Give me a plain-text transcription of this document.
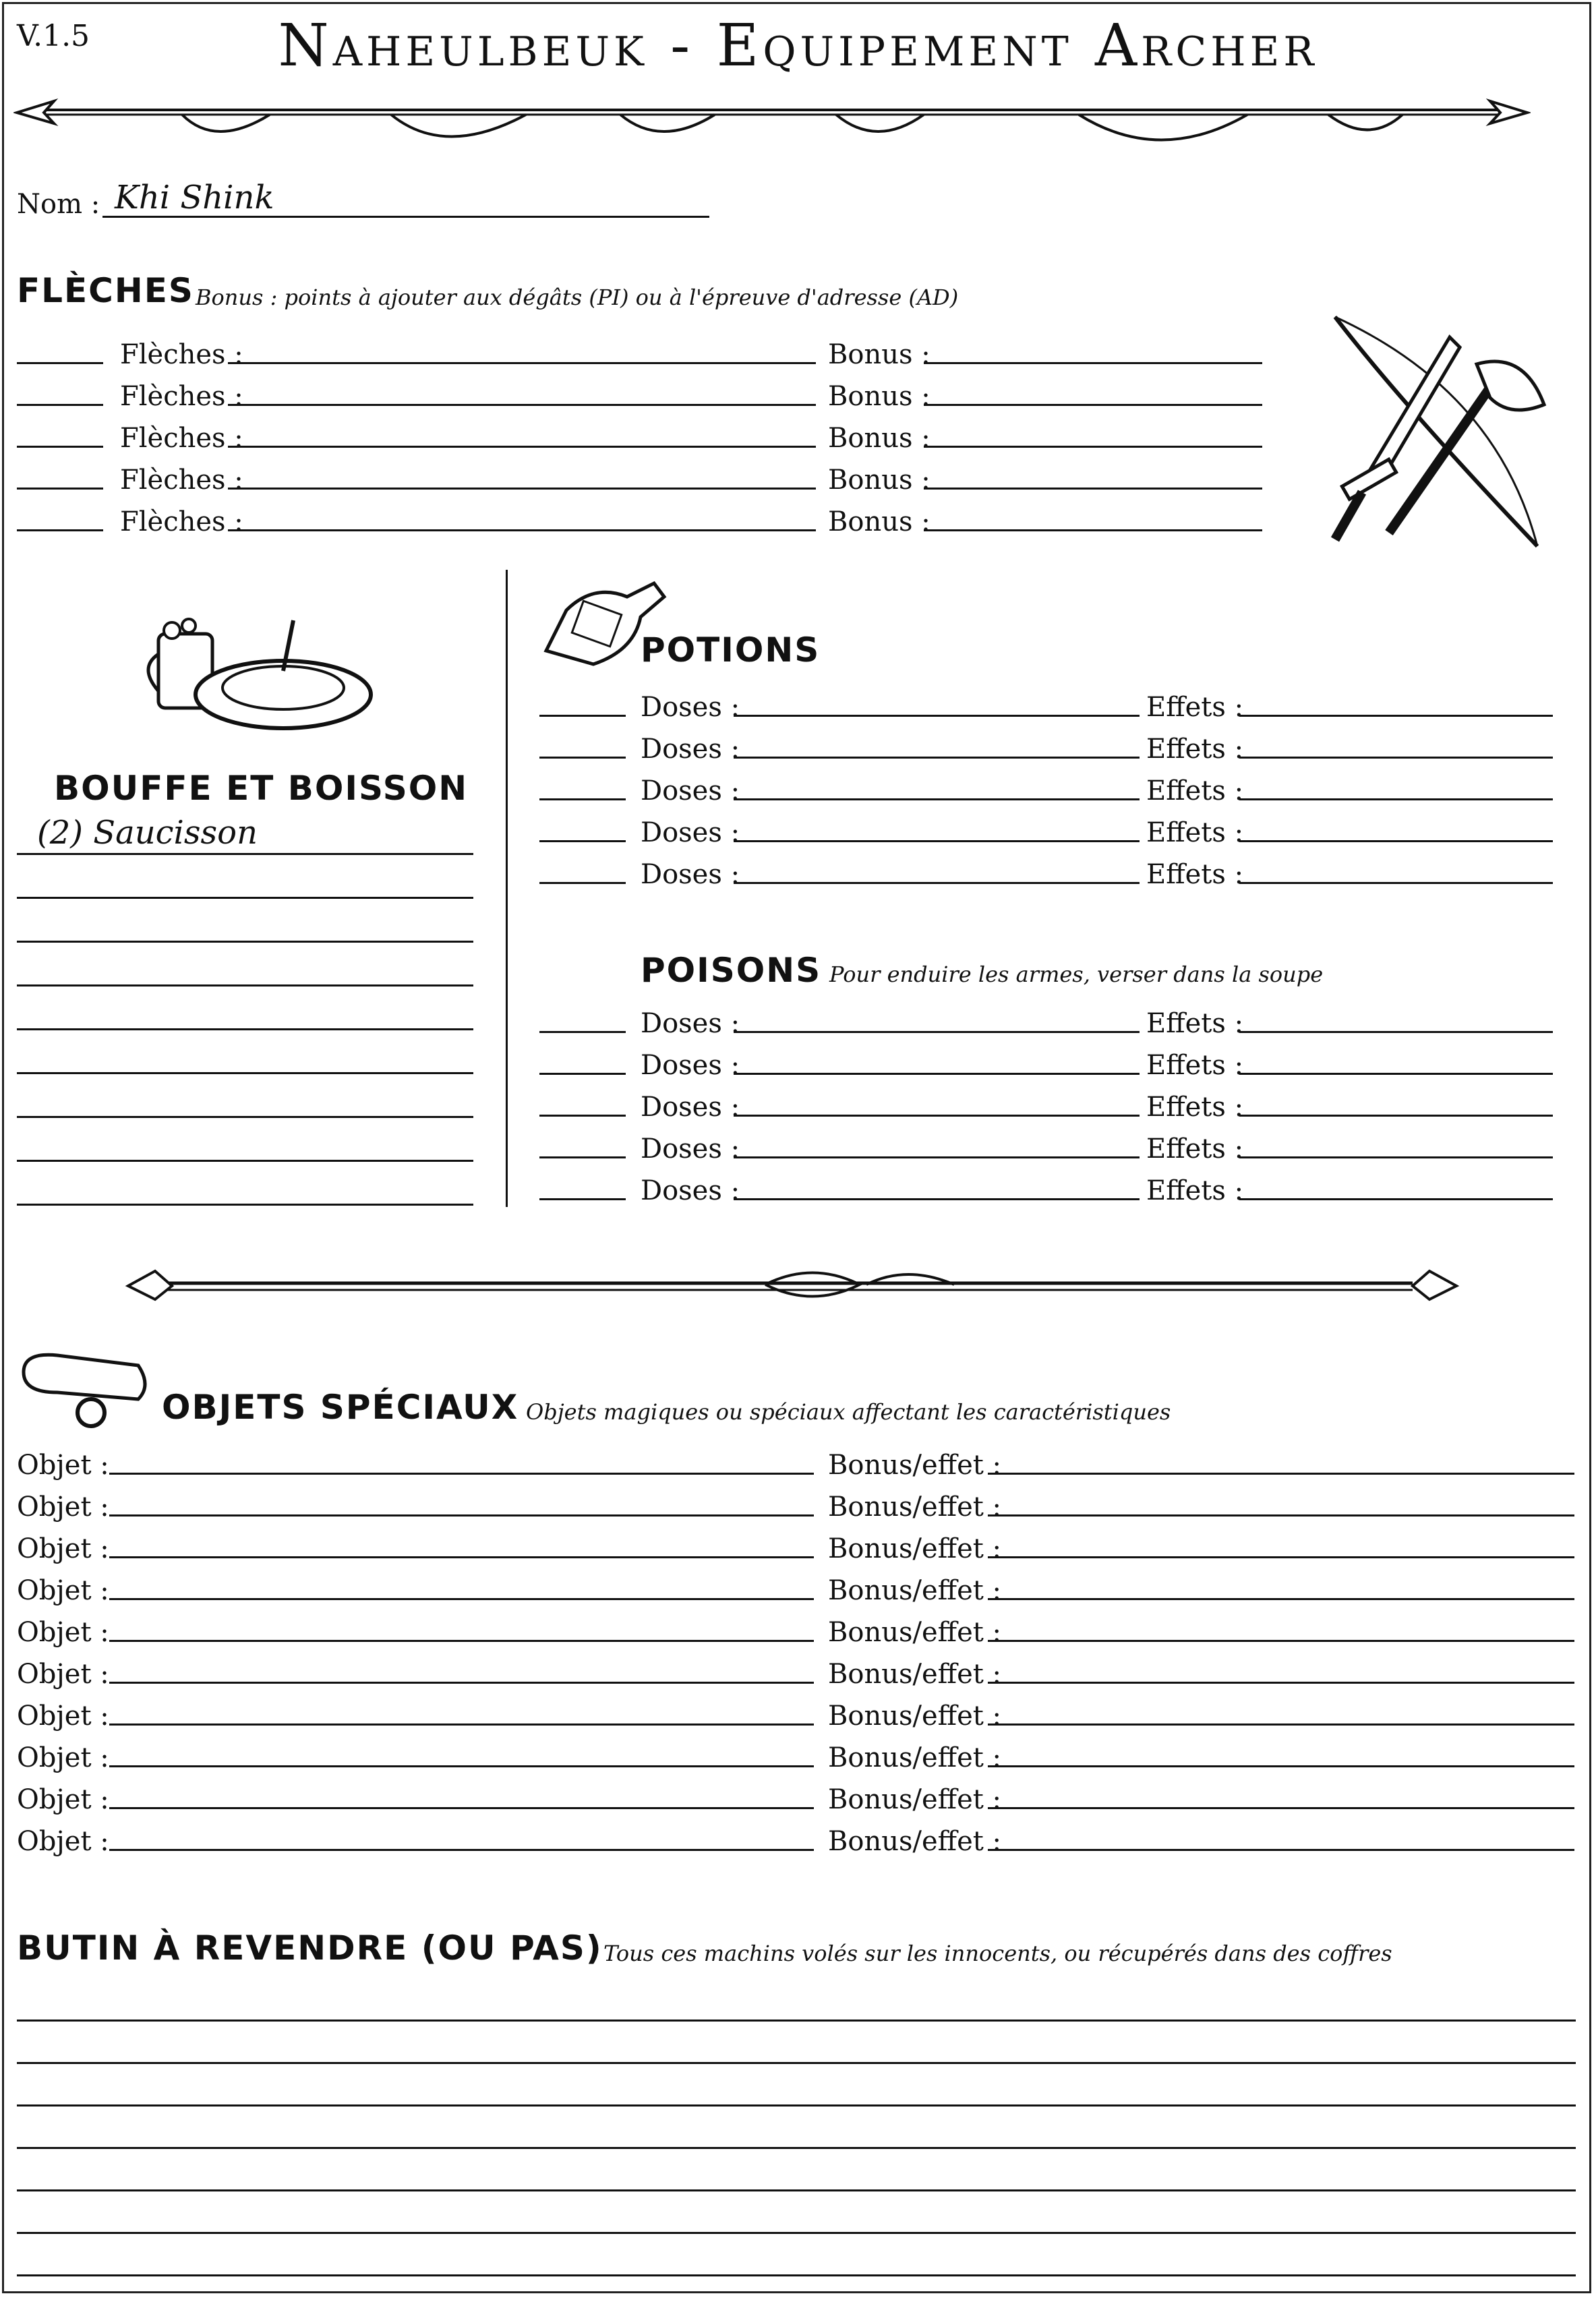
V.1.5	Naheulbeuk - Equipement Archer
Nom : Khi Shink
FLÈCHES Bonus : points à ajouter aux dégâts (PI) ou à l'épreuve d'adresse (AD)
Flèches :	Bonus :
Flèches :	Bonus :
Flèches :	Bonus :
Flèches :	Bonus :
Flèches :	Bonus :
BOUFFE ET BOISSON
(2) Saucisson
POTIONS
Doses :	Effets :
Doses :	Effets :
Doses :	Effets :
Doses :	Effets :
Doses :	Effets :
POISONS Pour enduire les armes, verser dans la soupe
Doses :	Effets :
Doses :	Effets :
Doses :	Effets :
Doses :	Effets :
Doses :	Effets :
OBJETS SPÉCIAUX Objets magiques ou spéciaux affectant les caractéristiques
Objet :	Bonus/effet :
Objet :	Bonus/effet :
Objet :	Bonus/effet :
Objet :	Bonus/effet :
Objet :	Bonus/effet :
Objet :	Bonus/effet :
Objet :	Bonus/effet :
Objet :	Bonus/effet :
Objet :	Bonus/effet :
Objet :	Bonus/effet :
BUTIN À REVENDRE (OU PAS) Tous ces machins volés sur les innocents, ou récupérés dans des coffres
